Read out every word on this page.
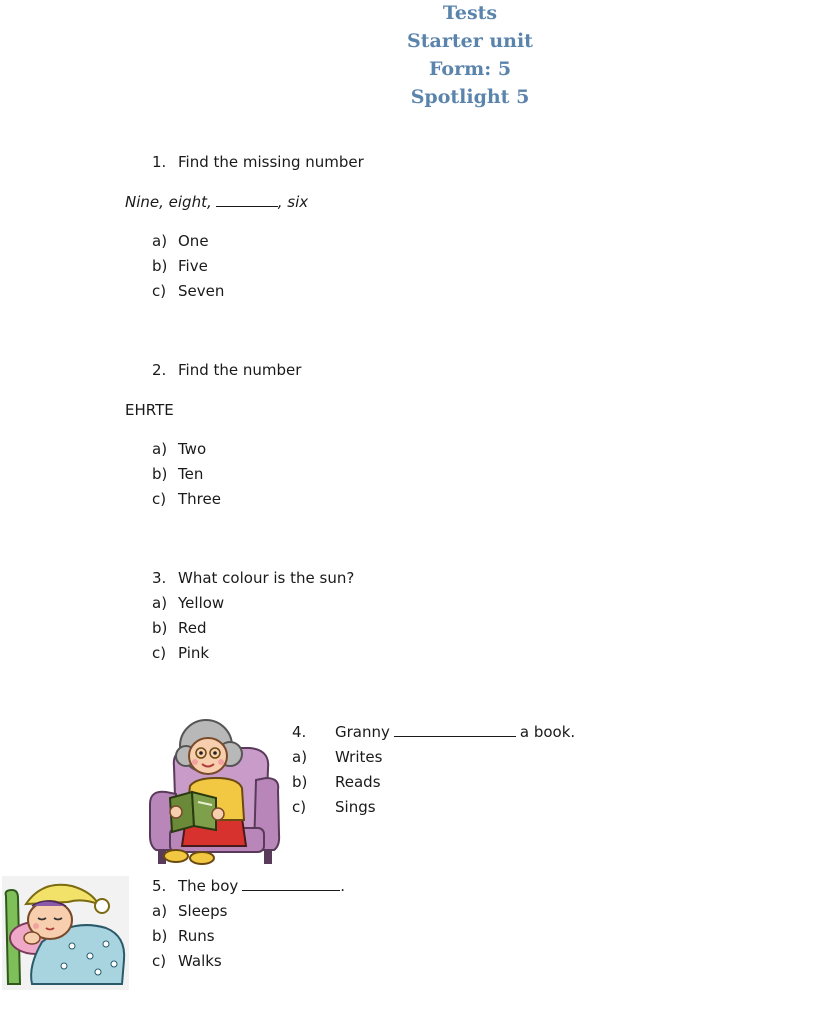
Tests
Starter unit
Form: 5
Spotlight 5
1. Find the missing number
Nine, eight,	, six
a) One
b) Five
c) Seven
2. Find the number
EHRTE
a) Two
b) Ten
c) Three
3. What colour is the sun?
a) Yellow
b) Red
c) Pink
4. Granny	a book.
a) Writes
b) Reads
c) Sings
5. The boy	.
a) Sleeps
b) Runs
c) Walks
